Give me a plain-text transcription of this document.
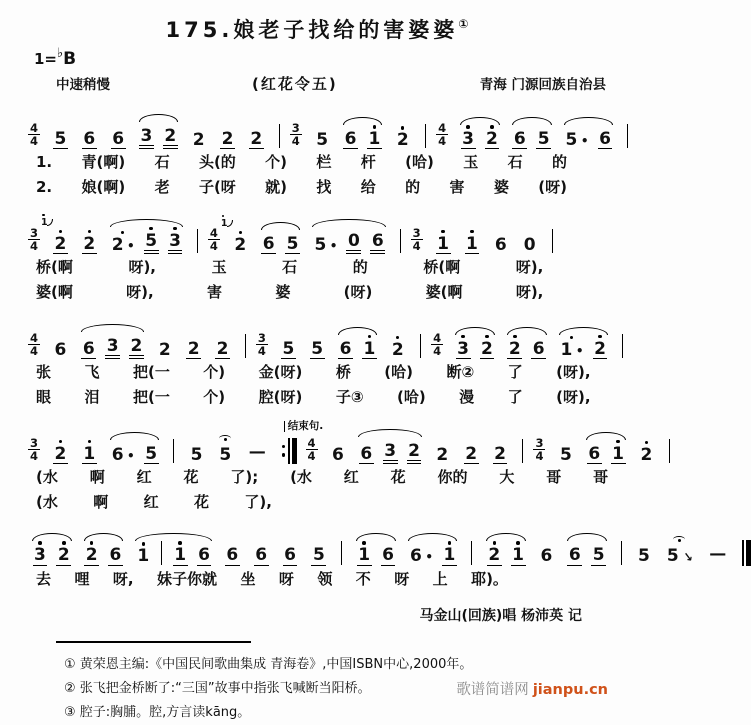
175.娘老子找给的害婆婆①
1=♭B
中速稍慢	(红花令五)	青海 门源回族自治县
4
4 5 6 6 3 2 2 2 2
3
4 5 6 1 2
4
4 3 2 6 5 5 • 6
1. 青(啊) 石 头(的 个) 栏 杆 (哈) 玉 石 的
2. 娘(啊) 老 子(呀 就) 找 给 的 害 婆 (呀)
3
4
1
2 2 2 • 5 3	4
4
1
2 6 5 5 • 0 6	3
4 1 1 6 0
桥(啊	呀),	玉	石	的	桥(啊	呀),
婆(啊	呀),	害	婆	(呀)	婆(啊	呀),
4
4 6 6 3 2 2 2 2
3
4 5 5 6 1 2
4
4 3 2 2 6 1 • 2
张 飞 把(一 个) 金(呀) 桥 (哈) 断② 了 (呀),
眼 泪 把(一 个) 腔(呀) 子③ (哈) 漫 了 (呀),
3
4 2 1 6 • 5 5 5 —
结束句.
4
4 6 6 3 2 2 2 2
3
4 5 6 1 2
(水 啊 红 花 了); (水 红 花 你的 大 哥 哥
(水 啊 红 花 了),
3 2 2 6 1 1 6 6 6 6 5 1 6 6 • 1 2 1 6 6 5 5 5 ↘ —
去 哩 呀, 妹子你就 坐 呀 领 不 呀 上 耶)。
马金山(回族)唱 杨沛英 记
① 黄荣恩主编:《中国民间歌曲集成 青海卷》,中国ISBN中心,2000年。
② 张飞把金桥断了:“三国”故事中指张飞喊断当阳桥。
③ 腔子:胸脯。腔,方言读kāng。
歌谱简谱网 jianpu.cn
